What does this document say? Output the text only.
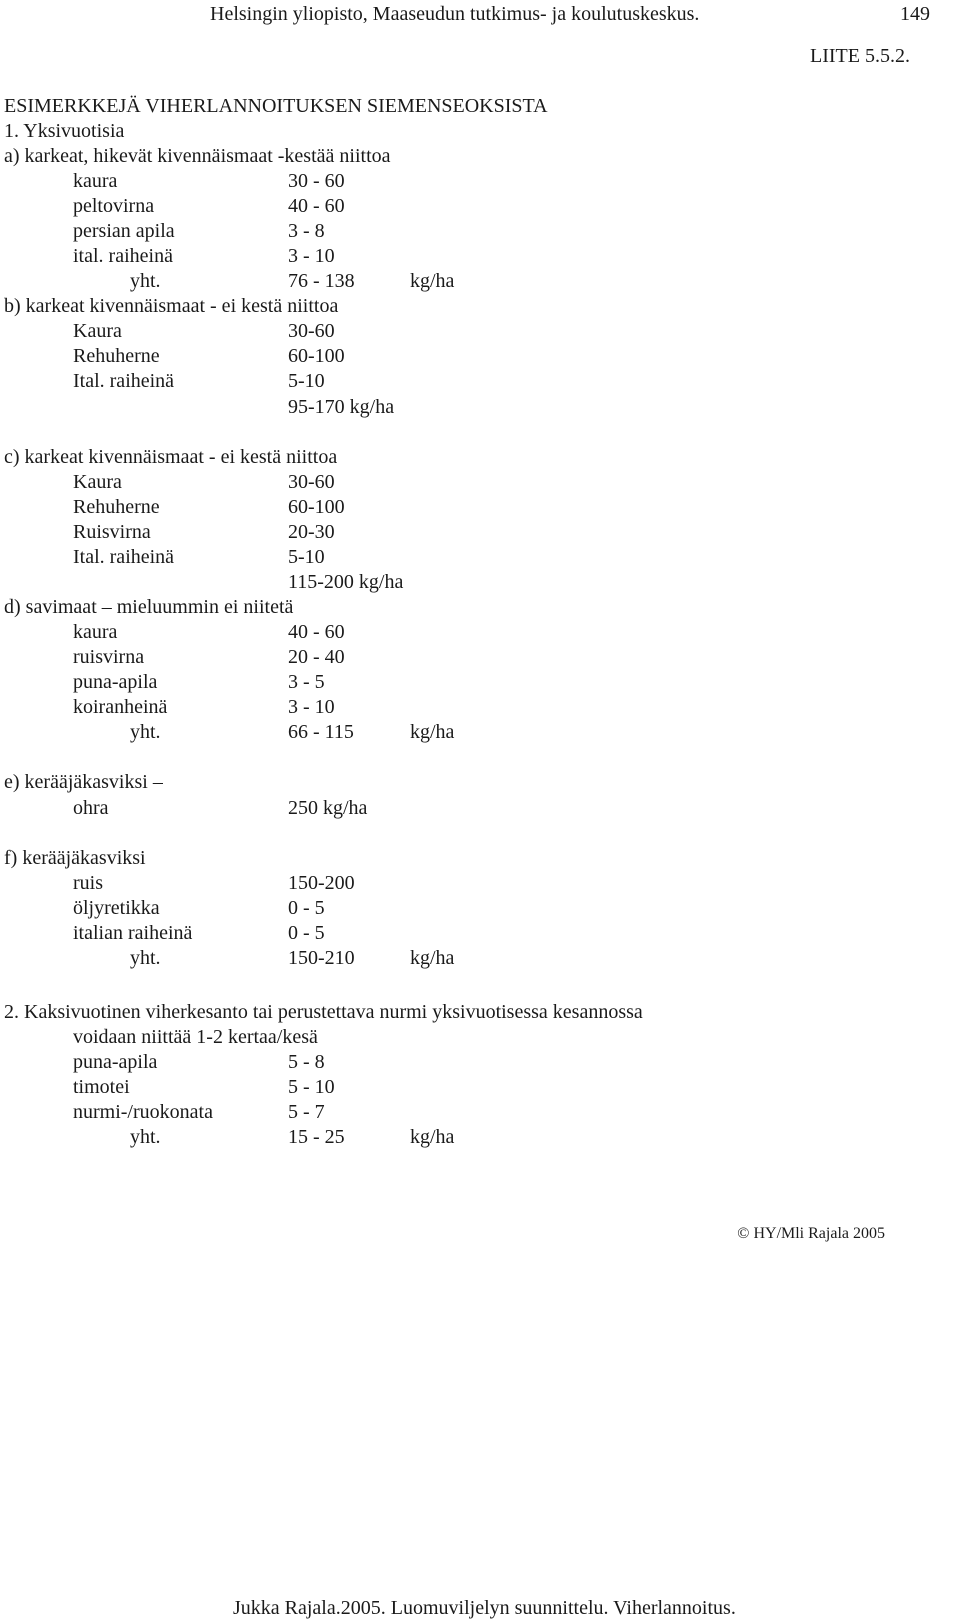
Helsingin yliopisto, Maaseudun tutkimus- ja koulutuskeskus.	149
LIITE 5.5.2.
ESIMERKKEJÄ VIHERLANNOITUKSEN SIEMENSEOKSISTA
1. Yksivuotisia
a) karkeat, hikevät kivennäismaat -kestää niittoa
kaura	30 - 60
peltovirna	40 - 60
persian apila	3 - 8
ital. raiheinä	3 - 10
yht.	76 - 138	kg/ha
b) karkeat kivennäismaat - ei kestä niittoa
Kaura	30-60
Rehuherne	60-100
Ital. raiheinä	5-10
95-170 kg/ha
c) karkeat kivennäismaat - ei kestä niittoa
Kaura	30-60
Rehuherne	60-100
Ruisvirna	20-30
Ital. raiheinä	5-10
115-200 kg/ha
d) savimaat – mieluummin ei niitetä
kaura	40 - 60
ruisvirna	20 - 40
puna-apila	3 - 5
koiranheinä	3 - 10
yht.	66 - 115	kg/ha
e) kerääjäkasviksi –
ohra	250 kg/ha
f) kerääjäkasviksi
ruis	150-200
öljyretikka	0 - 5
italian raiheinä	0 - 5
yht.	150-210	kg/ha
2. Kaksivuotinen viherkesanto tai perustettava nurmi yksivuotisessa kesannossa
voidaan niittää 1-2 kertaa/kesä
puna-apila	5 - 8
timotei	5 - 10
nurmi-/ruokonata	5 - 7
yht.	15 - 25	kg/ha
© HY/Mli Rajala 2005
Jukka Rajala.2005. Luomuviljelyn suunnittelu. Viherlannoitus.
